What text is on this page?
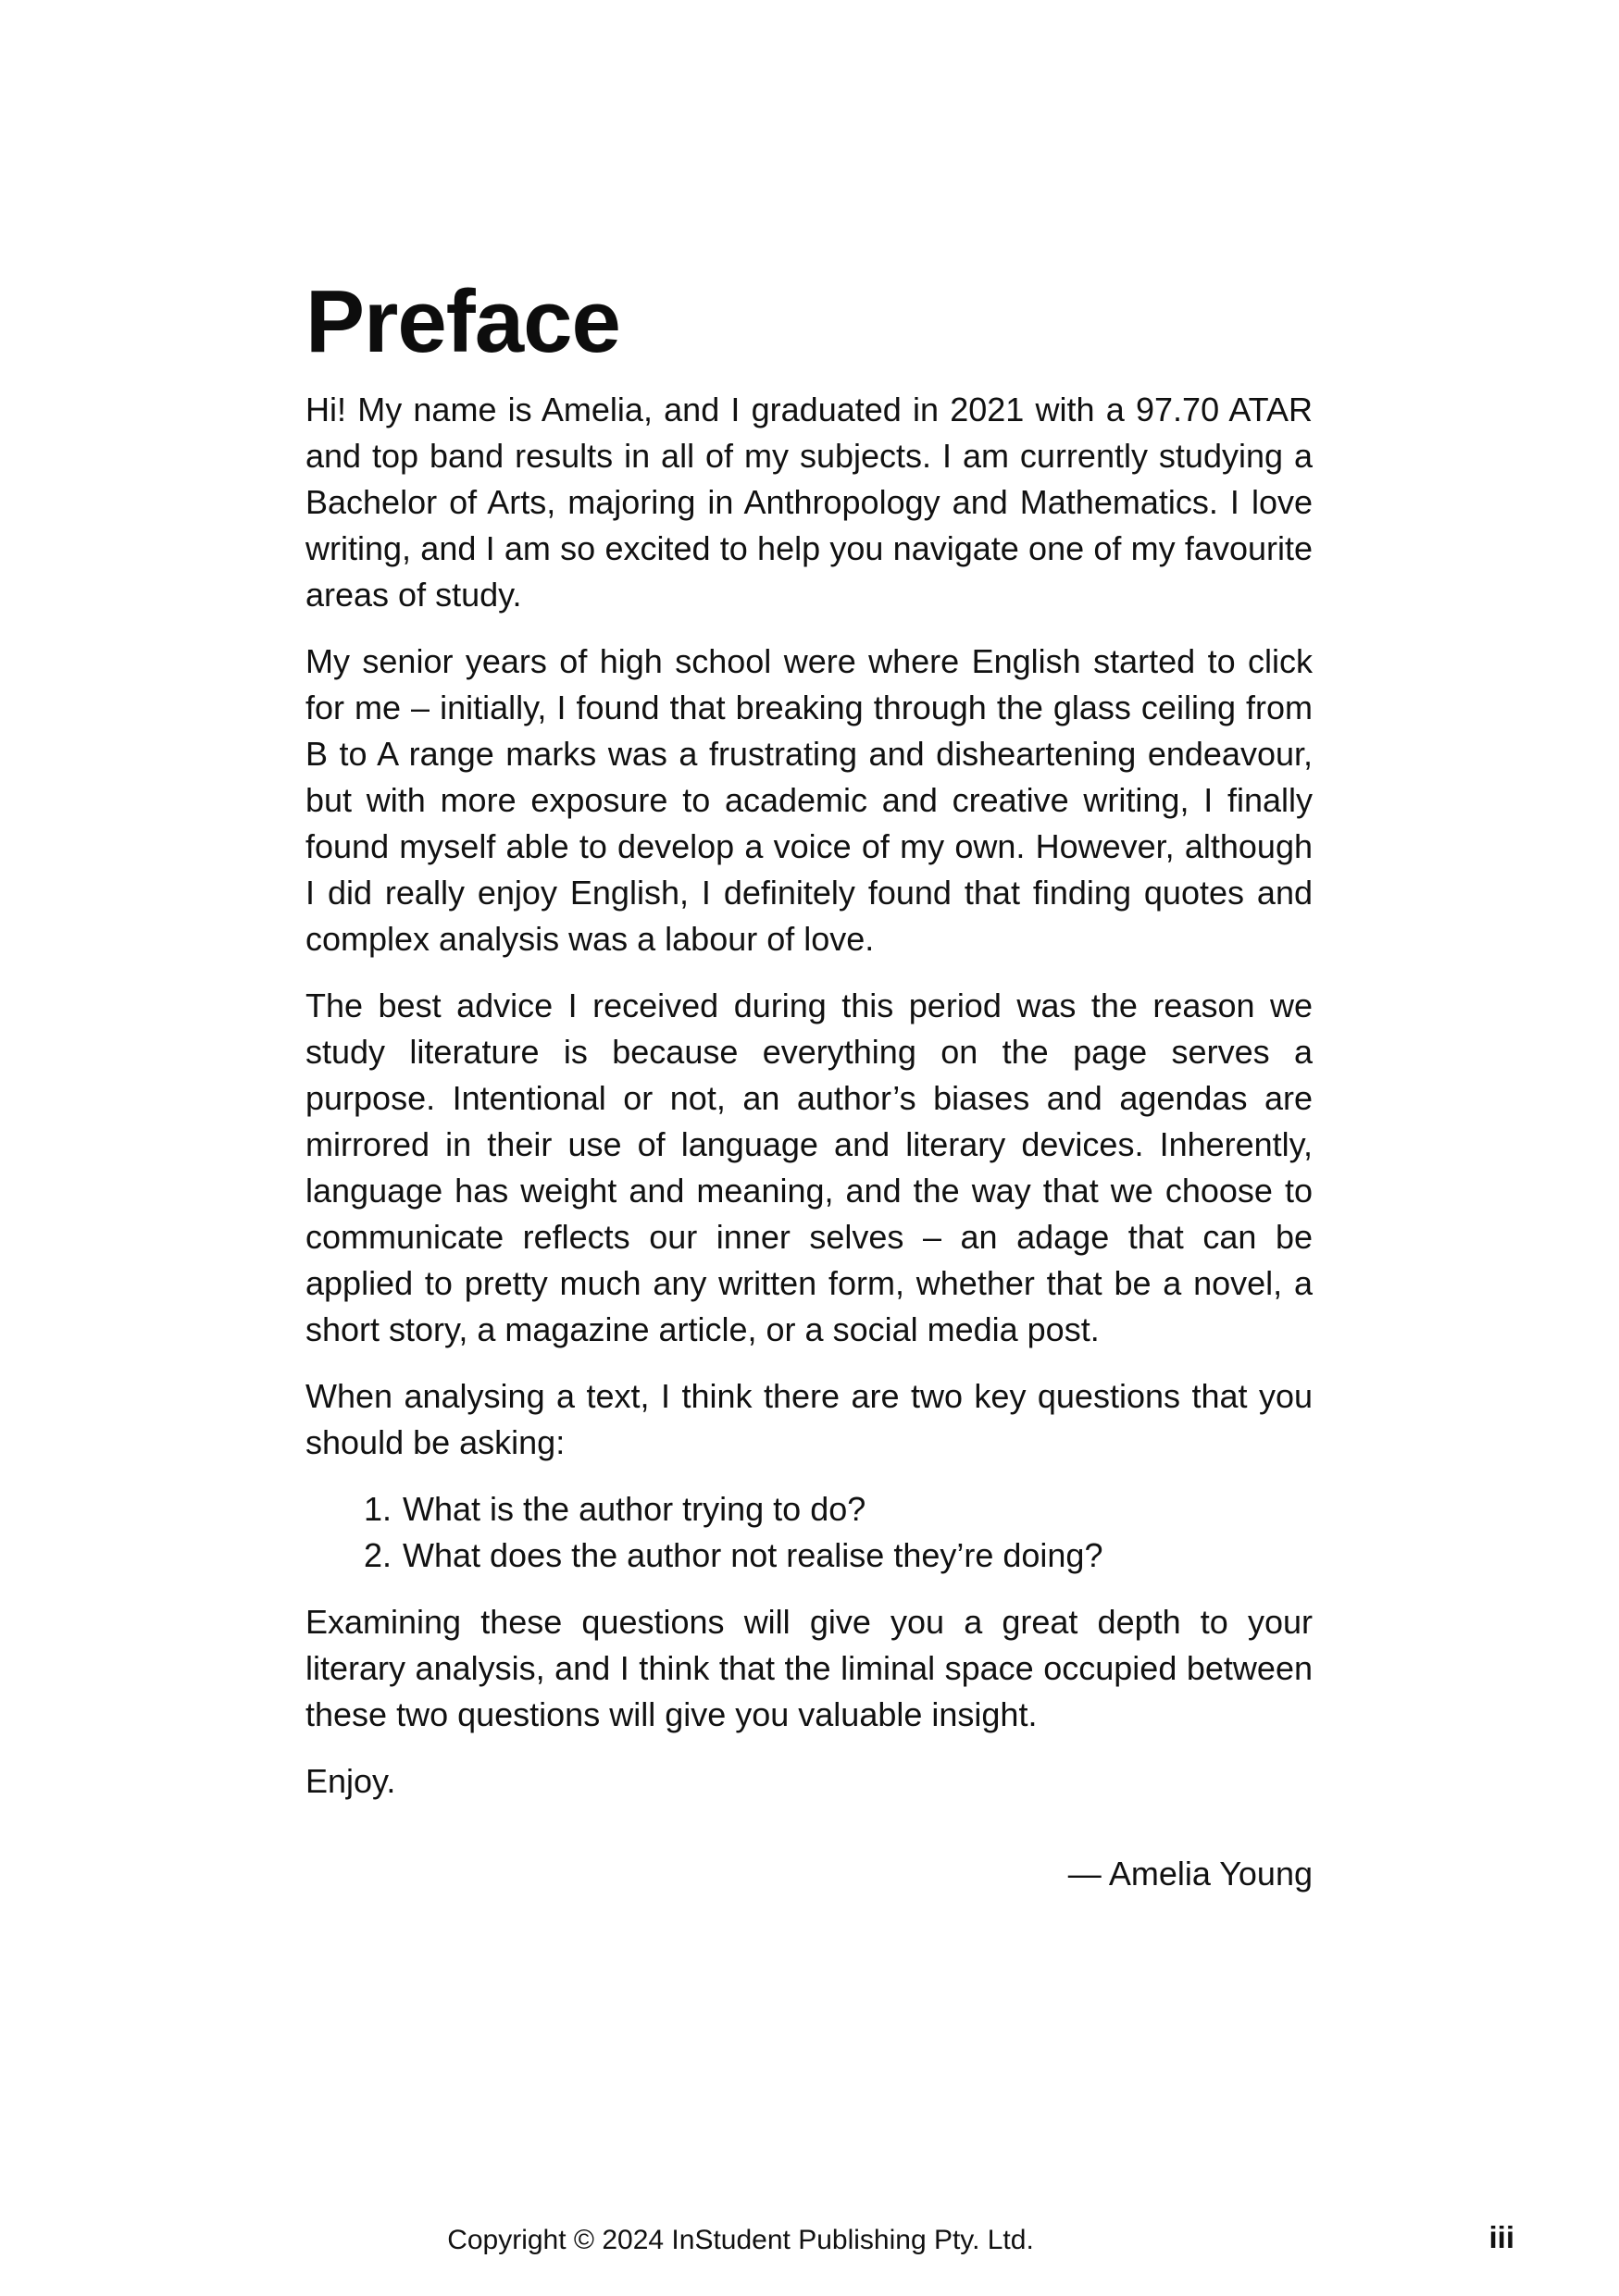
Preface

Hi! My name is Amelia, and I graduated in 2021 with a 97.70 ATAR and top band results in all of my subjects. I am currently studying a Bachelor of Arts, majoring in Anthropology and Mathematics. I love writing, and I am so excited to help you navigate one of my favourite areas of study.

My senior years of high school were where English started to click for me – initially, I found that breaking through the glass ceiling from B to A range marks was a frustrating and disheartening endeavour, but with more exposure to academic and creative writing, I finally found myself able to develop a voice of my own. However, although I did really enjoy English, I definitely found that finding quotes and complex analysis was a labour of love.

The best advice I received during this period was the reason we study literature is because everything on the page serves a purpose. Intentional or not, an author’s biases and agendas are mirrored in their use of language and literary devices. Inherently, language has weight and meaning, and the way that we choose to communicate reflects our inner selves – an adage that can be applied to pretty much any written form, whether that be a novel, a short story, a magazine article, or a social media post.

When analysing a text, I think there are two key questions that you should be asking:

1. What is the author trying to do?
2. What does the author not realise they’re doing?

Examining these questions will give you a great depth to your literary analysis, and I think that the liminal space occupied between these two questions will give you valuable insight.

Enjoy.

— Amelia Young
Copyright © 2024 InStudent Publishing Pty. Ltd.	iii
